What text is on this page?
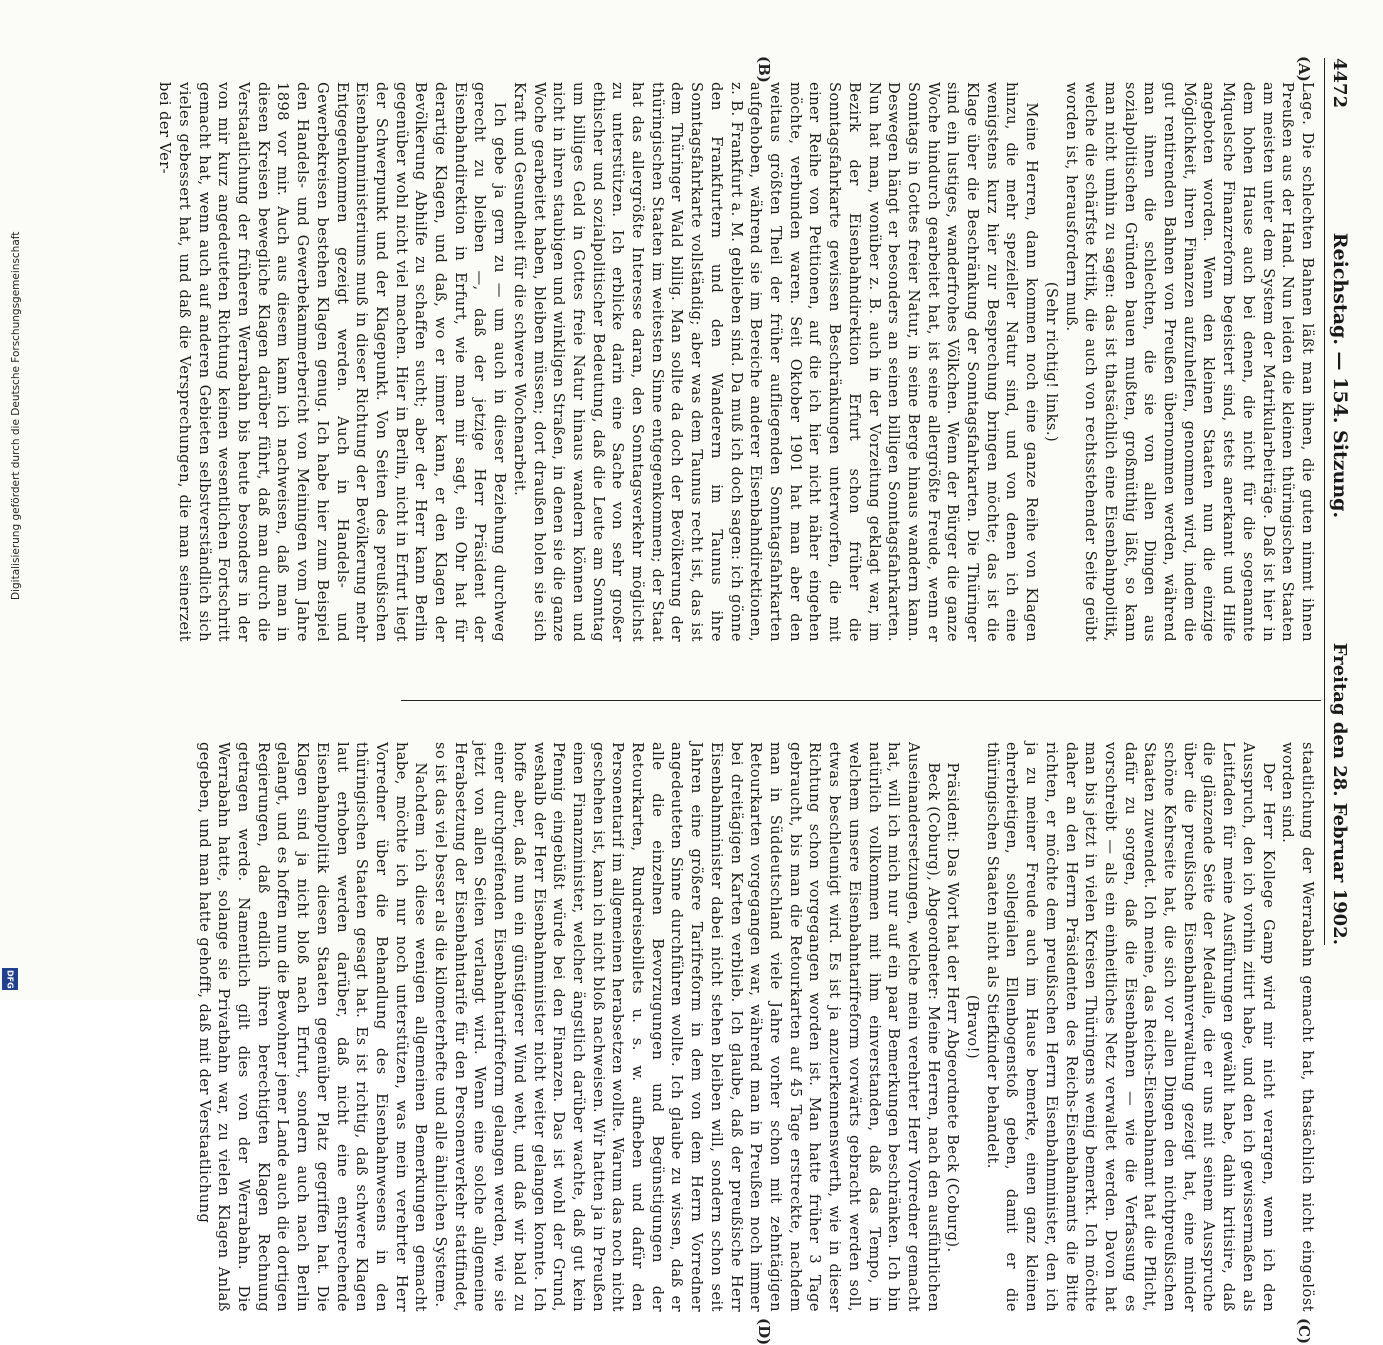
4472
Reichstag. — 154. Sitzung.
Freitag den 28. Februar 1902.
(A)
(B)
(C)
(D)

Lage. Die schlechten Bahnen läßt man ihnen, die guten nimmt ihnen Preußen aus der Hand. Nun leiden die kleinen thüringischen Staaten am meisten unter dem System der Matrikularbeiträge. Daß ist hier in dem hohen Hause auch bei denen, die nicht für die sogenannte Miquelsche Finanzreform begeistert sind, stets anerkannt und Hilfe angeboten worden. Wenn den kleinen Staaten nun die einzige Möglichkeit, ihren Finanzen aufzuhelfen, genommen wird, indem die gut rentirenden Bahnen von Preußen übernommen werden, während man ihnen die schlechten, die sie von allen Dingen aus sozialpolitischen Gründen bauen mußten, großmüthig läßt, so kann man nicht umhin zu sagen: das ist thatsächlich eine Eisenbahnpolitik, welche die schärfste Kritik, die auch von rechtsstehender Seite geübt worden ist, herausfordern muß.

(Sehr richtig! links.)

Meine Herren, dann kommen noch eine ganze Reihe von Klagen hinzu, die mehr spezieller Natur sind, und von denen ich eine wenigstens kurz hier zur Besprechung bringen möchte; das ist die Klage über die Beschränkung der Sonntagsfahrkarten. Die Thüringer sind ein lustiges, wanderfrohes Völkchen. Wenn der Bürger die ganze Woche hindurch gearbeitet hat, ist seine allergrößte Freude, wenn er Sonntags in Gottes freier Natur, in seine Berge hinaus wandern kann. Deswegen hängt er besonders an seinen billigen Sonntagsfahrkarten. Nun hat man, wonüber z. B. auch in der Vorzeitung geklagt war, im Bezirk der Eisenbahndirektion Erfurt schon früher die Sonntagsfahrkarte gewissen Beschränkungen unterworfen, die mit einer Reihe von Petitionen, auf die ich hier nicht näher eingehen möchte, verbunden waren. Seit Oktober 1901 hat man aber den weitaus größten Theil der früher aufliegenden Sonntagsfahrkarten aufgehoben, während sie im Bereiche anderer Eisenbahndirektionen, z. B. Frankfurt a. M. geblieben sind. Da muß ich doch sagen: ich gönne den Frankfurtern und den Wanderern im Taunus ihre Sonntagsfahrkarte vollständig; aber was dem Taunus recht ist, das ist dem Thüringer Wald billig. Man sollte da doch der Bevölkerung der thüringischen Staaten im weitesten Sinne entgegenkommen; der Staat hat das allergrößte Interesse daran, den Sonntagsverkehr möglichst zu unterstützen. Ich erblicke darin eine Sache von sehr großer ethischer und sozialpolitischer Bedeutung, daß die Leute am Sonntag um billiges Geld in Gottes freie Natur hinaus wandern können und nicht in ihren staubigen und winkligen Straßen, in denen sie die ganze Woche gearbeitet haben, bleiben müssen; dort draußen holen sie sich Kraft und Gesundheit für die schwere Wochenarbeit.

Ich gebe ja gern zu — um auch in dieser Beziehung durchweg gerecht zu bleiben —, daß der jetzige Herr Präsident der Eisenbahndirektion in Erfurt, wie man mir sagt, ein Ohr hat für derartige Klagen, und daß, wo er immer kann, er den Klagen der Bevölkerung Abhilfe zu schaffen sucht; aber der Herr kann Berlin gegenüber wohl nicht viel machen. Hier in Berlin, nicht in Erfurt liegt der Schwerpunkt und der Klagepunkt. Von Seiten des preußischen Eisenbahnministeriums muß in dieser Richtung der Bevölkerung mehr Entgegenkommen gezeigt werden. Auch in Handels- und Gewerbekreisen bestehen Klagen genug. Ich habe hier zum Beispiel den Handels- und Gewerbekammerbericht von Meiningen vom Jahre 1898 vor mir. Auch aus diesem kann ich nachweisen, daß man in diesen Kreisen bewegliche Klagen darüber führt, daß man durch die Verstaatlichung der früheren Werrabahn bis heute besonders in der von mir kurz angedeuteten Richtung keinen wesentlichen Fortschritt gemacht hat, wenn auch auf anderen Gebieten selbstverständlich sich vieles gebessert hat, und daß die Versprechungen, die man seinerzeit bei der Ver-

staatlichung der Werrabahn gemacht hat, thatsächlich nicht eingelöst worden sind.

Der Herr Kollege Gamp wird mir nicht verargen, wenn ich den Ausspruch, den ich vorhin zitirt habe, und den ich gewissermaßen als Leitfaden für meine Ausführungen gewählt habe, dahin kritisire, daß die glänzende Seite der Medaille, die er uns mit seinem Ausspruche über die preußische Eisenbahnverwaltung gezeigt hat, eine minder schöne Kehrseite hat, die sich vor allen Dingen den nichtpreußischen Staaten zuwendet. Ich meine, das Reichs-Eisenbahnamt hat die Pflicht, dafür zu sorgen, daß die Eisenbahnen — wie die Verfassung es vorschreibt — als ein einheitliches Netz verwaltet werden. Davon hat man bis jetzt in vielen Kreisen Thüringens wenig bemerkt. Ich möchte daher an den Herrn Präsidenten des Reichs-Eisenbahnamts die Bitte richten, er möchte dem preußischen Herrn Eisenbahnminister, den ich ja zu meiner Freude auch im Hause bemerke, einen ganz kleinen ehrerbietigen, sollegialen Ellenbogenstoß geben, damit er die thüringischen Staaten nicht als Stiefkinder behandelt.

(Bravo!)

Präsident: Das Wort hat der Herr Abgeordnete Beck (Coburg).

Beck (Coburg), Abgeordneter: Meine Herren, nach den ausführlichen Auseinandersetzungen, welche mein verehrter Herr Vorredner gemacht hat, will ich mich nur auf ein paar Bemerkungen beschränken. Ich bin natürlich vollkommen mit ihm einverstanden, daß das Tempo, in welchem unsere Eisenbahntarifreform vorwärts gebracht werden soll, etwas beschleunigt wird. Es ist ja anzuerkennenswerth, wie in dieser Richtung schon vorgegangen worden ist. Man hatte früher 3 Tage gebraucht, bis man die Retourkarten auf 45 Tage erstreckte, nachdem man in Süddeutschland viele Jahre vorher schon mit zehntägigen Retourkarten vorgegangen war, während man in Preußen noch immer bei dreitägigen Karten verblieb. Ich glaube, daß der preußische Herr Eisenbahnminister dabei nicht stehen bleiben will, sondern schon seit Jahren eine größere Tarifreform in dem von dem Herrn Vorredner angedeuteten Sinne durchführen wollte. Ich glaube zu wissen, daß er alle die einzelnen Bevorzugungen und Begünstigungen der Retourkarten, Rundreisebillets u. s. w. aufheben und dafür den Personentarif im allgemeinen herabsetzen wollte. Warum das noch nicht geschehen ist, kann ich nicht bloß nachweisen. Wir hatten ja in Preußen einen Finanzminister, welcher ängstlich darüber wachte, daß gut kein Pfennig eingebüßt würde bei den Finanzen. Das ist wohl der Grund, weshalb der Herr Eisenbahnminister nicht weiter gelangen konnte. Ich hoffe aber, daß nun ein günstigerer Wind weht, und daß wir bald zu einer durchgreifenden Eisenbahntarifreform gelangen werden, wie sie jetzt von allen Seiten verlangt wird. Wenn eine solche allgemeine Herabsetzung der Eisenbahntarife für den Personenverkehr stattfindet, so ist das viel besser als die kilometerhefte und alle ähnlichen Systeme.

Nachdem ich diese wenigen allgemeinen Bemerkungen gemacht habe, möchte ich nur noch unterstützen, was mein verehrter Herr Vorredner über die Behandlung des Eisenbahnwesens in den thüringischen Staaten gesagt hat. Es ist richtig, daß schwere Klagen laut erhoben werden darüber, daß nicht eine entsprechende Eisenbahnpolitik diesen Staaten gegenüber Platz gegriffen hat. Die Klagen sind ja nicht bloß nach Erfurt, sondern auch nach Berlin gelangt, und es hoffen nun die Bewohner jener Lande auch die dortigen Regierungen, daß endlich ihren berechtigten Klagen Rechnung getragen werde. Namentlich gilt dies von der Werrabahn. Die Werrabahn hatte, solange sie Privatbahn war, zu vielen Klagen Anlaß gegeben, und man hatte gehofft, daß mit der Verstaatlichung

Digitalisierung gefördert durch die Deutsche Forschungsgemeinschaft
DFG
